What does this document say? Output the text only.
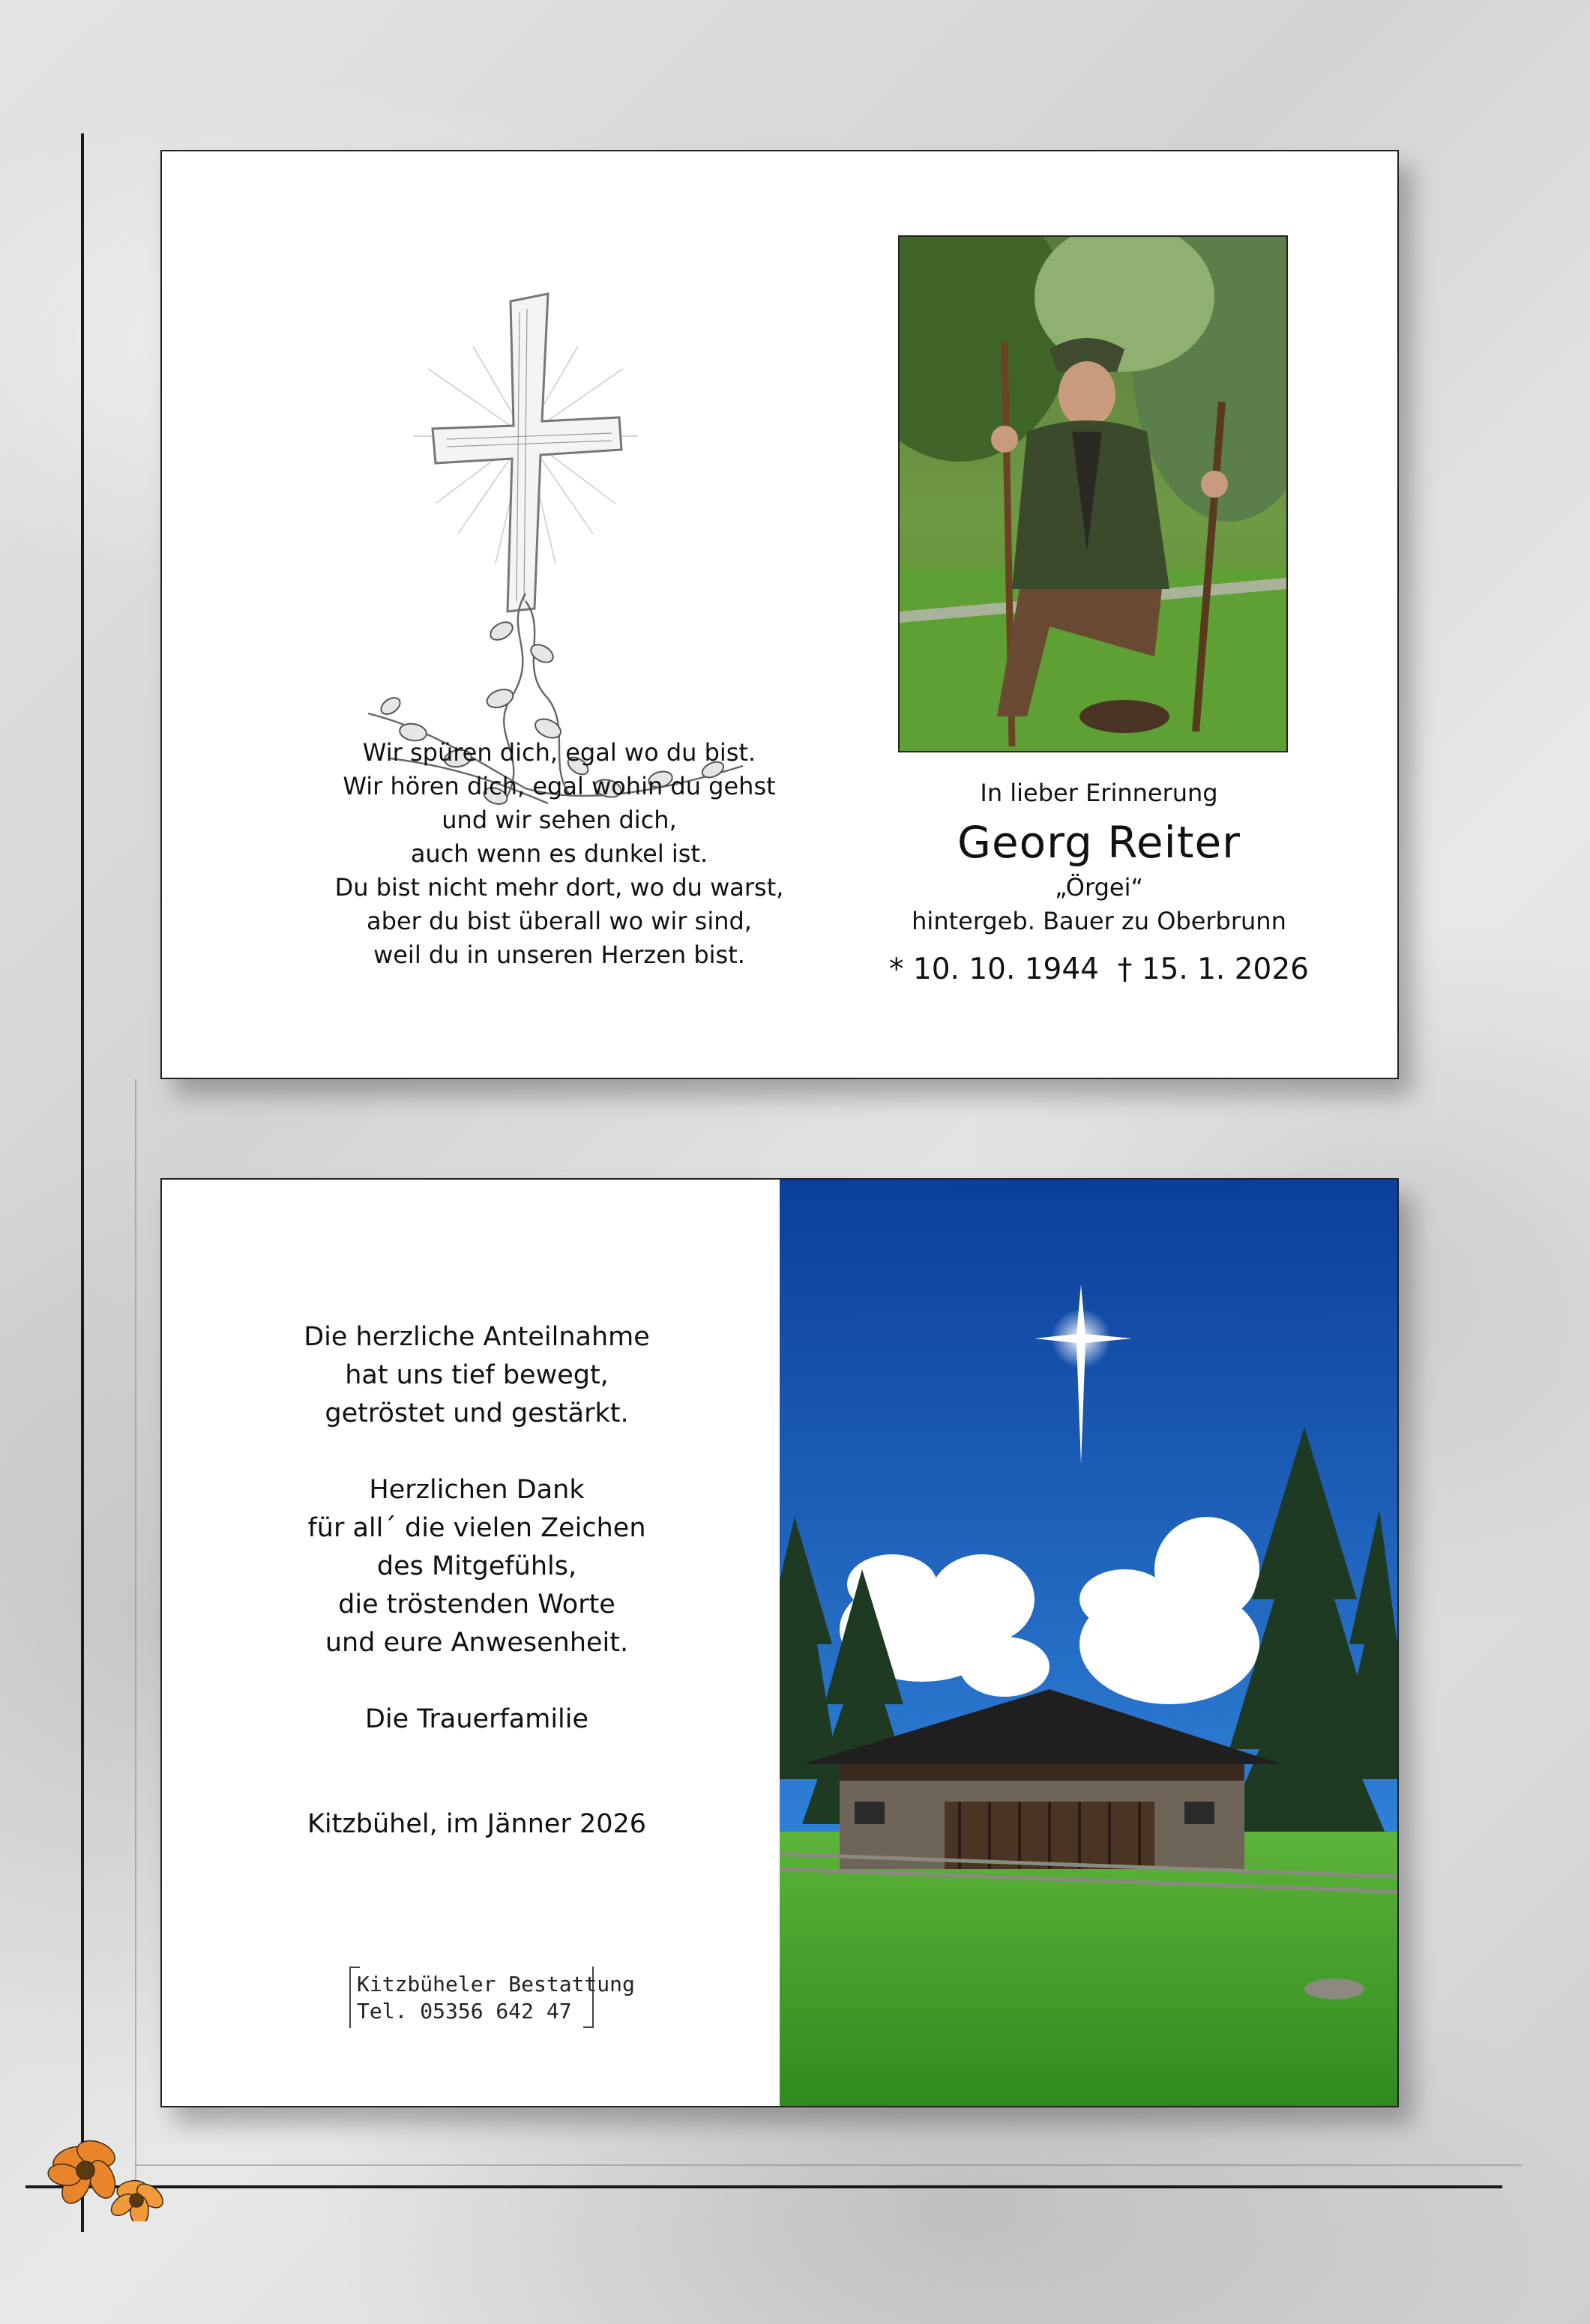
Wir spüren dich, egal wo du bist.
Wir hören dich, egal wohin du gehst
und wir sehen dich,
auch wenn es dunkel ist.
Du bist nicht mehr dort, wo du warst,
aber du bist überall wo wir sind,
weil du in unseren Herzen bist.
In lieber Erinnerung
Georg Reiter
„Örgei“
hintergeb. Bauer zu Oberbrunn
* 10. 10. 1944 † 15. 1. 2026
Die herzliche Anteilnahme
hat uns tief bewegt,
getröstet und gestärkt.
Herzlichen Dank
für all´ die vielen Zeichen
des Mitgefühls,
die tröstenden Worte
und eure Anwesenheit.
Die Trauerfamilie
Kitzbühel, im Jänner 2026
Kitzbüheler Bestattung
Tel. 05356 642 47
